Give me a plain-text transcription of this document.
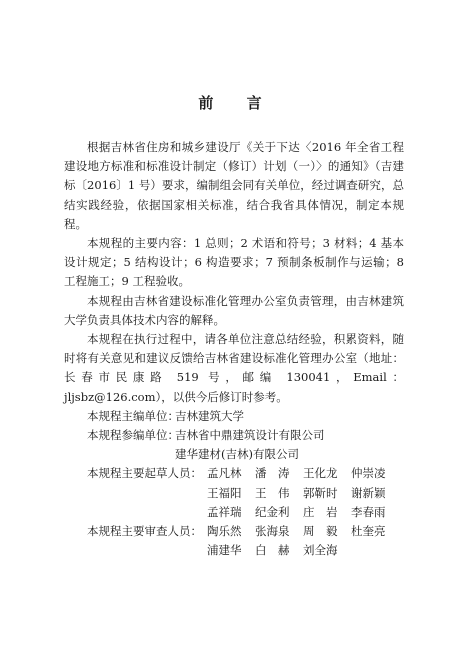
前 言

根据吉林省住房和城乡建设厅《关于下达〈2016 年全省工程建设地方标准和标准设计制定（修订）计划（一）〉的通知》（吉建标〔2016〕1 号）要求，编制组会同有关单位，经过调查研究，总结实践经验，依据国家相关标准，结合我省具体情况，制定本规程。

本规程的主要内容：1 总则；2 术语和符号；3 材料；4 基本设计规定；5 结构设计；6 构造要求；7 预制条板制作与运输；8 工程施工；9 工程验收。

本规程由吉林省建设标准化管理办公室负责管理，由吉林建筑大学负责具体技术内容的解释。

本规程在执行过程中，请各单位注意总结经验，积累资料，随时将有关意见和建议反馈给吉林省建设标准化管理办公室（地址：长春市民康路 519 号，邮编 130041，Email：jljsbz@126.com），以供今后修订时参考。

本规程主编单位：
吉林建筑大学
本规程参编单位：
吉林省中鼎建筑设计有限公司
建华建材(吉林)有限公司
本规程主要起草人员： 孟凡林	潘　涛	王化龙	仲崇凌
王福阳	王　伟	郭靳时	谢新颖
孟祥瑞	纪金利	庄　岩	李春雨
本规程主要审查人员： 陶乐然	张海泉	周　毅	杜奎亮
浦建华	白　赫	刘全海
